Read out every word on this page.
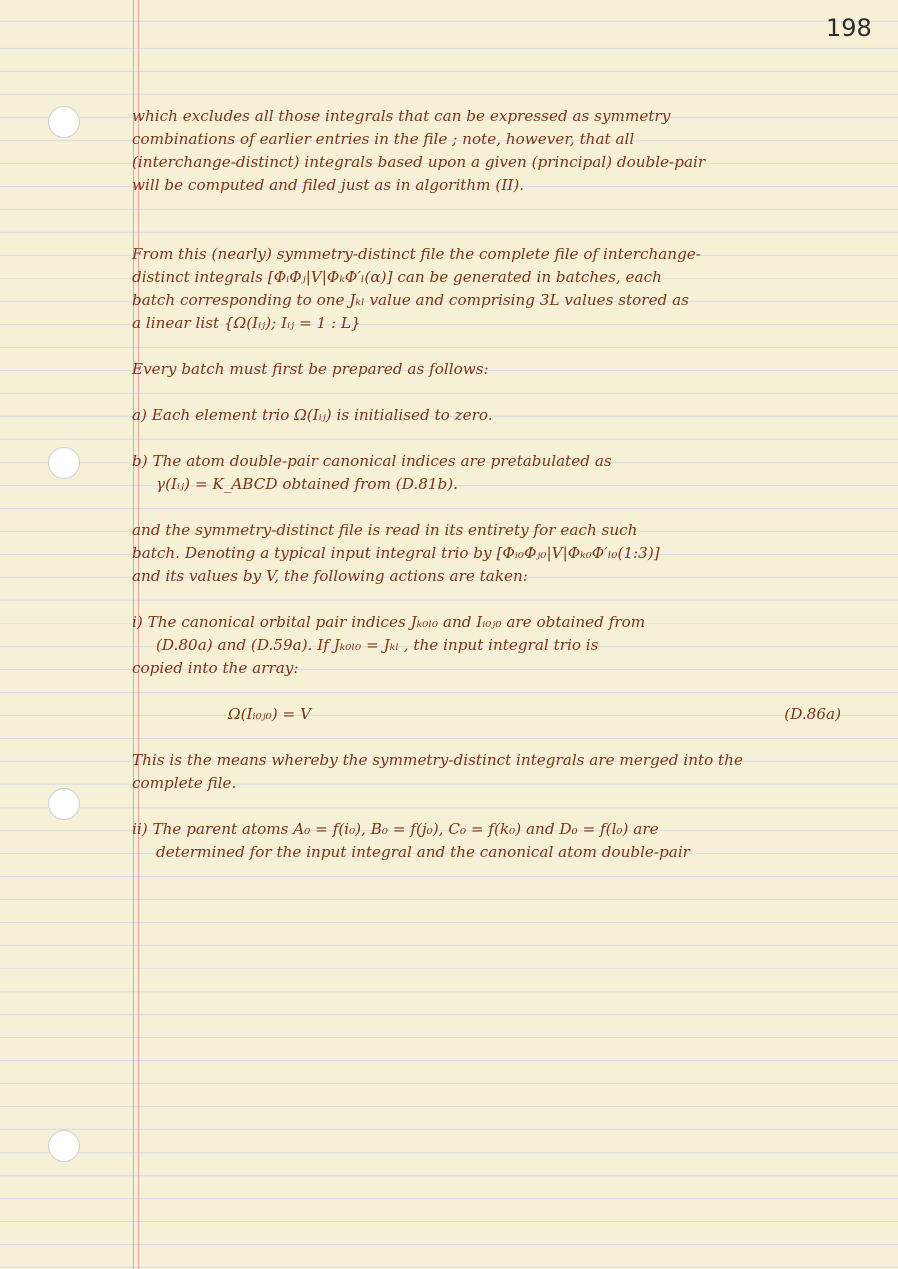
198

which excludes all those integrals that can be expressed as symmetry

combinations of earlier entries in the file ; note, however, that all

(interchange-distinct) integrals based upon a given (principal) double-pair

will be computed and filed just as in algorithm (II).

From this (nearly) symmetry-distinct file the complete file of interchange-

distinct integrals [ΦᵢΦⱼ|V|ΦₖΦ′ₗ(α)] can be generated in batches, each

batch corresponding to one Jₖₗ value and comprising 3L values stored as

a linear list {Ω(Iᵢⱼ); Iᵢⱼ = 1 : L}

Every batch must first be prepared as follows:

a) Each element trio Ω(Iᵢⱼ) is initialised to zero.

b) The atom double-pair canonical indices are pretabulated as

γ(Iᵢⱼ) = K_ABCD obtained from (D.81b).

and the symmetry-distinct file is read in its entirety for each such

batch. Denoting a typical input integral trio by [Φᵢ₀Φⱼ₀|V|Φₖ₀Φ′ₗ₀(1:3)]

and its values by V, the following actions are taken:

i) The canonical orbital pair indices Jₖ₀ₗ₀ and Iᵢ₀ⱼ₀ are obtained from

(D.80a) and (D.59a). If Jₖ₀ₗ₀ = Jₖₗ , the input integral trio is

copied into the array:

Ω(Iᵢ₀ⱼ₀) = V	(D.86a)

This is the means whereby the symmetry-distinct integrals are merged into the

complete file.

ii) The parent atoms A₀ = f(i₀), B₀ = f(j₀), C₀ = f(k₀) and D₀ = f(l₀) are

determined for the input integral and the canonical atom double-pair
